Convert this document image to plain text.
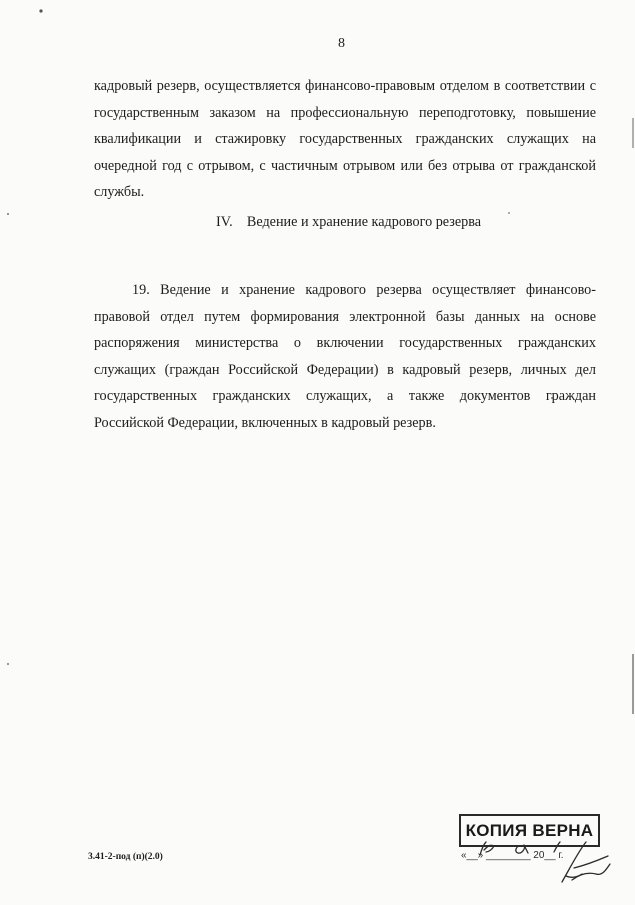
8

кадровый резерв, осуществляется финансово-правовым отделом в соответствии с государственным заказом на профессиональную переподготовку, повышение квалификации и стажировку государственных гражданских служащих на очередной год с отрывом, с частичным отрывом или без отрыва от гражданской службы.

IV. Ведение и хранение кадрового резерва

19. Ведение и хранение кадрового резерва осуществляет финансово-правовой отдел путем формирования электронной базы данных на основе распоряжения министерства о включении государственных гражданских служащих (граждан Российской Федерации) в кадровый резерв, личных дел государственных гражданских служащих, а также документов граждан Российской Федерации, включенных в кадровый резерв.

3.41-2-под (п)(2.0)
КОПИЯ ВЕРНА
«__» ________ 20__ г.
